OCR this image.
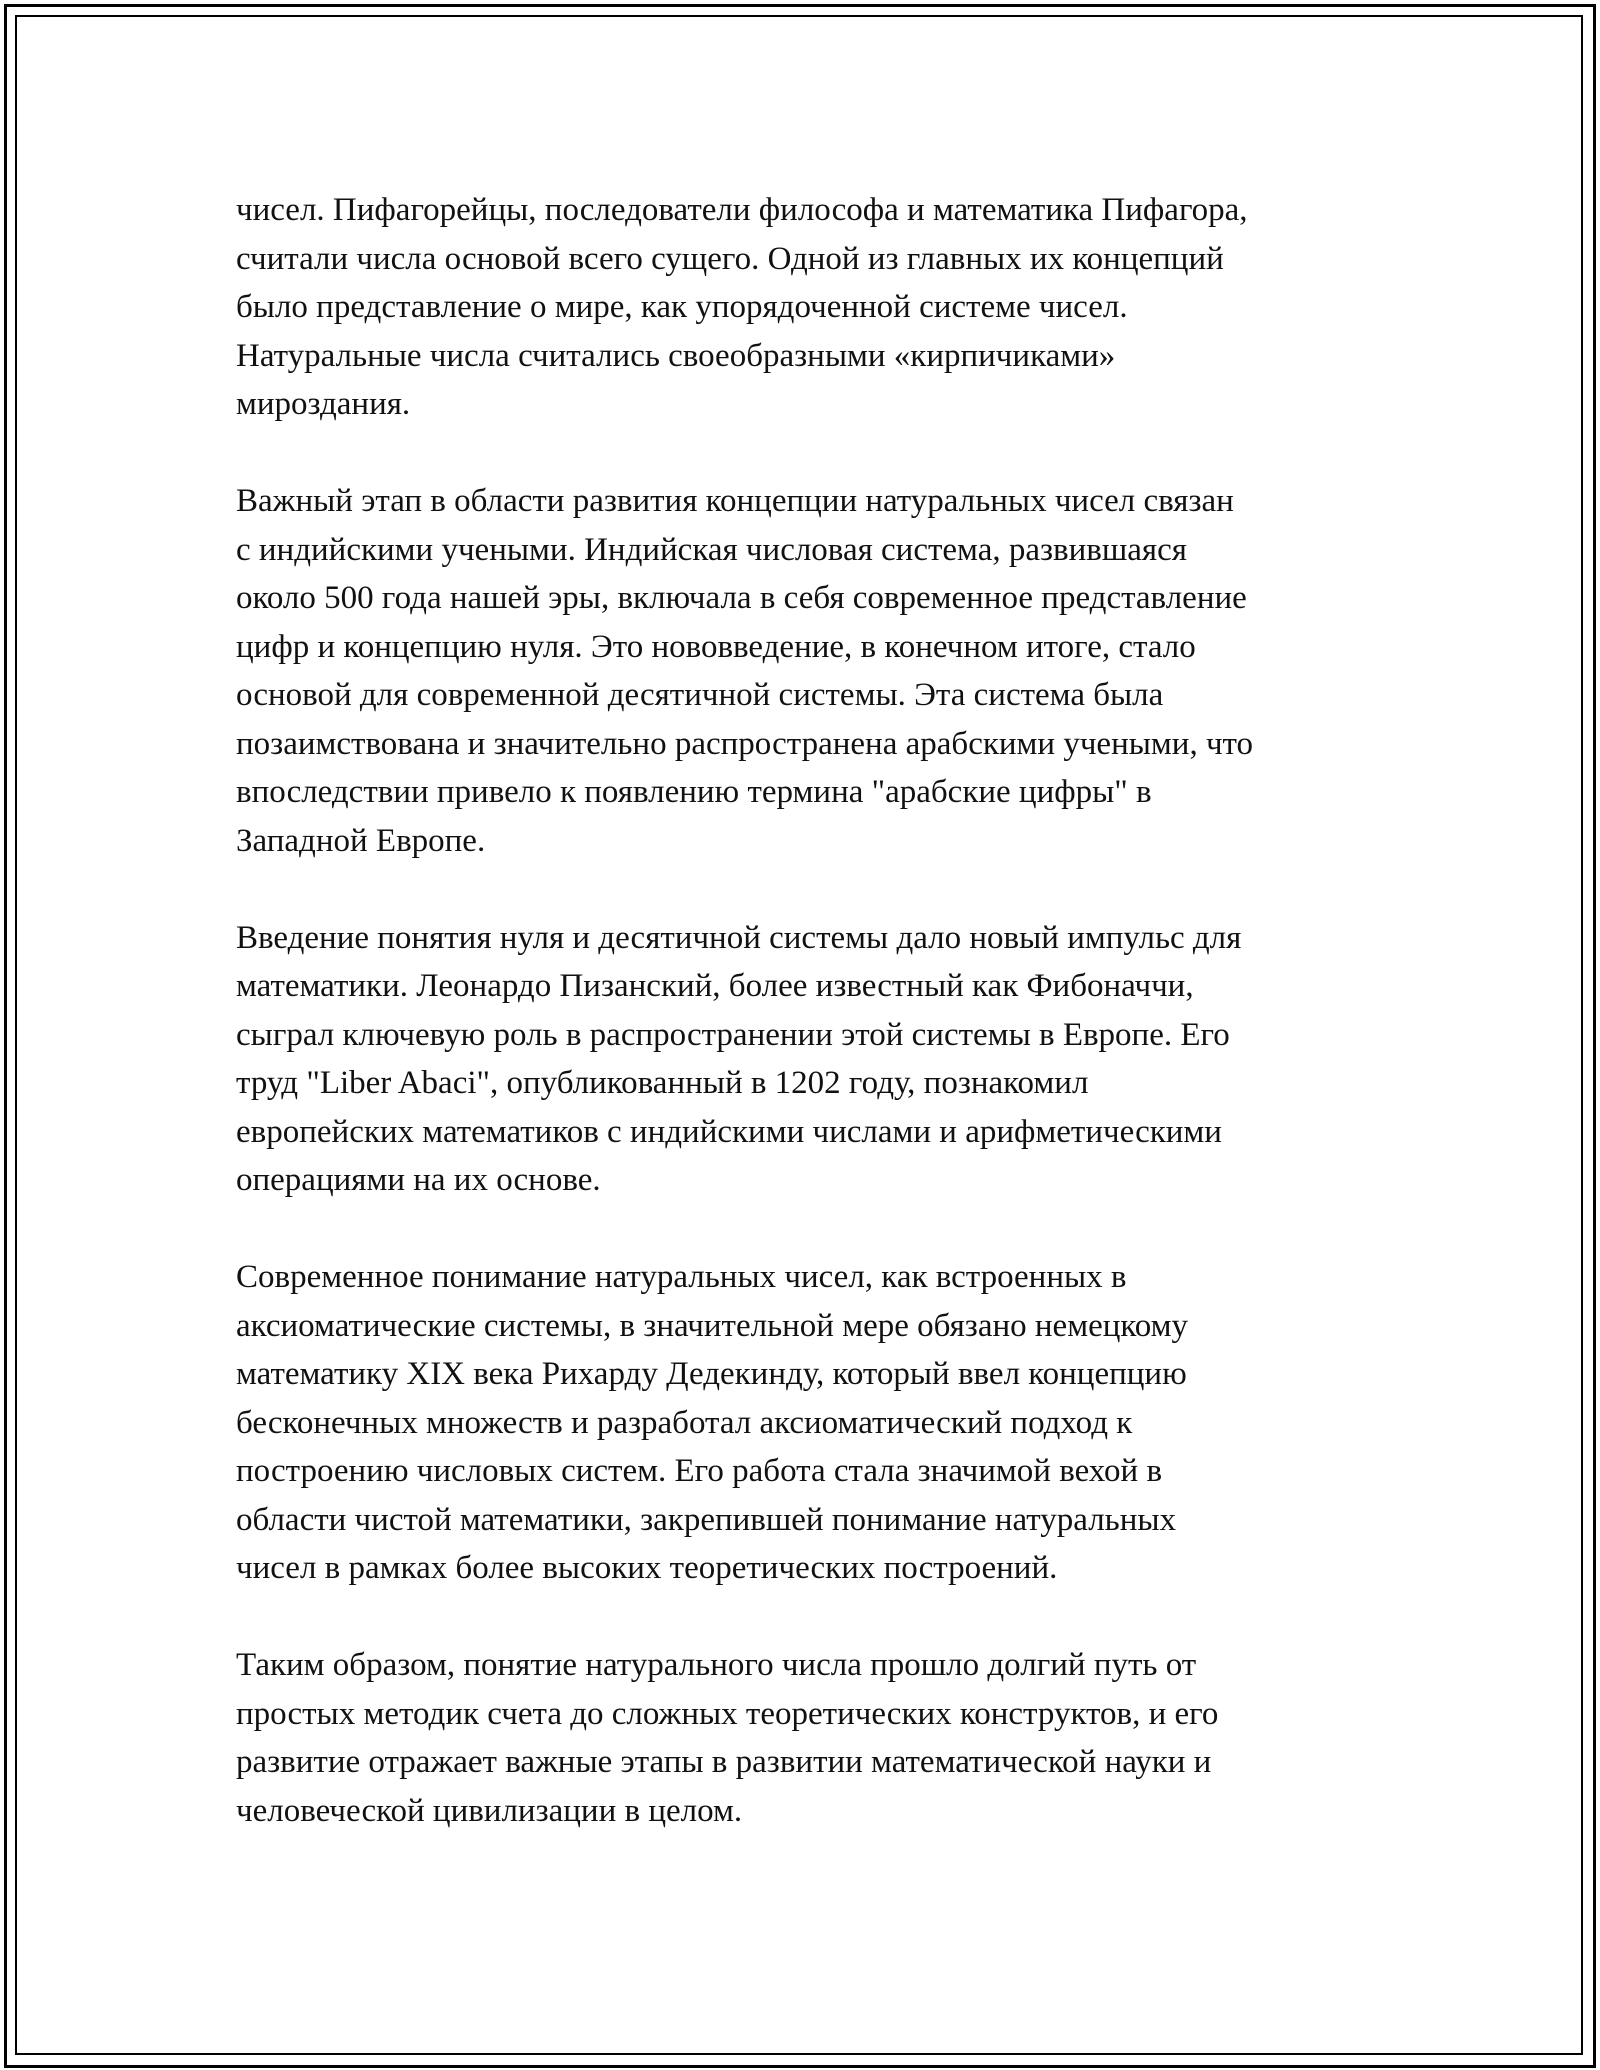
чисел. Пифагорейцы, последователи философа и математика Пифагора,
считали числа основой всего сущего. Одной из главных их концепций
было представление о мире, как упорядоченной системе чисел.
Натуральные числа считались своеобразными «кирпичиками»
мироздания.

Важный этап в области развития концепции натуральных чисел связан
с индийскими учеными. Индийская числовая система, развившаяся
около 500 года нашей эры, включала в себя современное представление
цифр и концепцию нуля. Это нововведение, в конечном итоге, стало
основой для современной десятичной системы. Эта система была
позаимствована и значительно распространена арабскими учеными, что
впоследствии привело к появлению термина "арабские цифры" в
Западной Европе.

Введение понятия нуля и десятичной системы дало новый импульс для
математики. Леонардо Пизанский, более известный как Фибоначчи,
сыграл ключевую роль в распространении этой системы в Европе. Его
труд "Liber Abaci", опубликованный в 1202 году, познакомил
европейских математиков с индийскими числами и арифметическими
операциями на их основе.

Современное понимание натуральных чисел, как встроенных в
аксиоматические системы, в значительной мере обязано немецкому
математику XIX века Рихарду Дедекинду, который ввел концепцию
бесконечных множеств и разработал аксиоматический подход к
построению числовых систем. Его работа стала значимой вехой в
области чистой математики, закрепившей понимание натуральных
чисел в рамках более высоких теоретических построений.

Таким образом, понятие натурального числа прошло долгий путь от
простых методик счета до сложных теоретических конструктов, и его
развитие отражает важные этапы в развитии математической науки и
человеческой цивилизации в целом.
